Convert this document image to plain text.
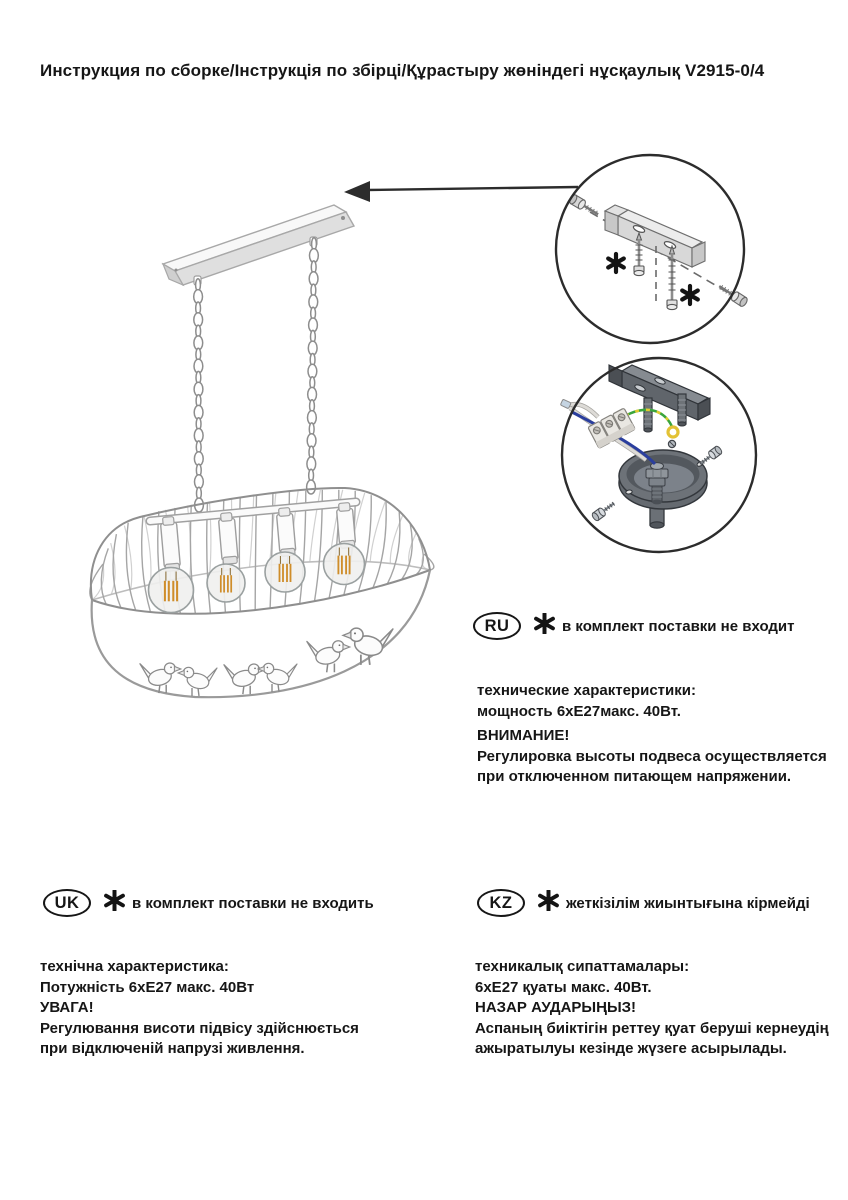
Инструкция по сборке/Інструкція по збірці/Құрастыру жөніндегі нұсқаулық V2915-0/4
RU	в комплект поставки не входит
технические характеристики:
мощность 6хЕ27макс. 40Вт.
ВНИМАНИЕ!
Регулировка высоты подвеса осуществляется
при отключенном питающем напряжении.
UK	в комплект поставки не входить
технічна характеристика:
Потужність 6хЕ27 макс. 40Вт
УВАГА!
Регулювання висоти підвісу здійснюється
при відключеній напрузі живлення.
KZ	жеткізілім жиынтығына кірмейді
техникалық сипаттамалары:
6хЕ27 қуаты макс. 40Вт.
НАЗАР АУДАРЫҢЫЗ!
Аспаның биіктігін реттеу қуат беруші кернеудің
ажыратылуы кезінде жүзеге асырылады.
